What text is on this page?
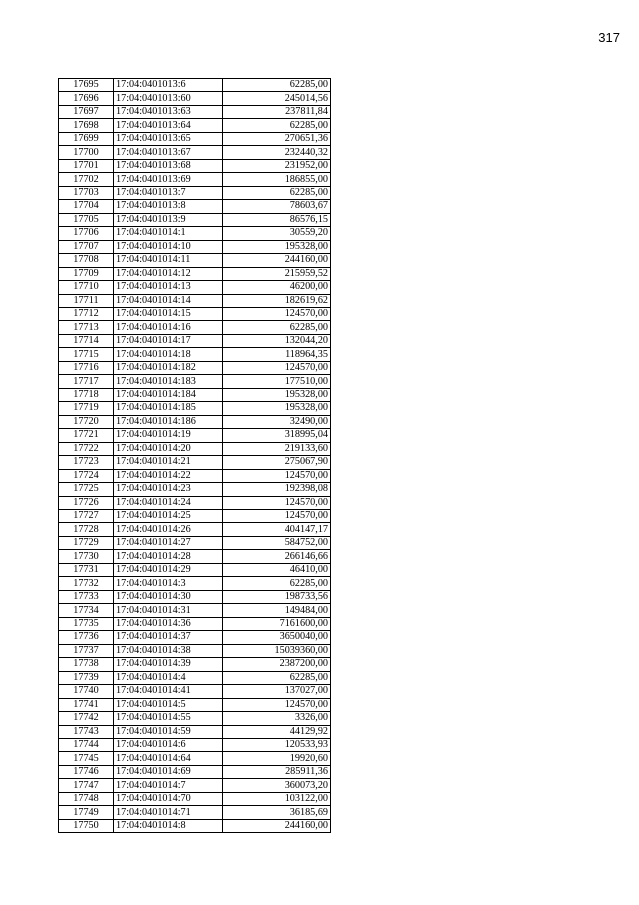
317
17695	17:04:0401013:6	62285,00
17696	17:04:0401013:60	245014,56
17697	17:04:0401013:63	237811,84
17698	17:04:0401013:64	62285,00
17699	17:04:0401013:65	270651,36
17700	17:04:0401013:67	232440,32
17701	17:04:0401013:68	231952,00
17702	17:04:0401013:69	186855,00
17703	17:04:0401013:7	62285,00
17704	17:04:0401013:8	78603,67
17705	17:04:0401013:9	86576,15
17706	17:04:0401014:1	30559,20
17707	17:04:0401014:10	195328,00
17708	17:04:0401014:11	244160,00
17709	17:04:0401014:12	215959,52
17710	17:04:0401014:13	46200,00
17711	17:04:0401014:14	182619,62
17712	17:04:0401014:15	124570,00
17713	17:04:0401014:16	62285,00
17714	17:04:0401014:17	132044,20
17715	17:04:0401014:18	118964,35
17716	17:04:0401014:182	124570,00
17717	17:04:0401014:183	177510,00
17718	17:04:0401014:184	195328,00
17719	17:04:0401014:185	195328,00
17720	17:04:0401014:186	32490,00
17721	17:04:0401014:19	318995,04
17722	17:04:0401014:20	219133,60
17723	17:04:0401014:21	275067,90
17724	17:04:0401014:22	124570,00
17725	17:04:0401014:23	192398,08
17726	17:04:0401014:24	124570,00
17727	17:04:0401014:25	124570,00
17728	17:04:0401014:26	404147,17
17729	17:04:0401014:27	584752,00
17730	17:04:0401014:28	266146,66
17731	17:04:0401014:29	46410,00
17732	17:04:0401014:3	62285,00
17733	17:04:0401014:30	198733,56
17734	17:04:0401014:31	149484,00
17735	17:04:0401014:36	7161600,00
17736	17:04:0401014:37	3650040,00
17737	17:04:0401014:38	15039360,00
17738	17:04:0401014:39	2387200,00
17739	17:04:0401014:4	62285,00
17740	17:04:0401014:41	137027,00
17741	17:04:0401014:5	124570,00
17742	17:04:0401014:55	3326,00
17743	17:04:0401014:59	44129,92
17744	17:04:0401014:6	120533,93
17745	17:04:0401014:64	19920,60
17746	17:04:0401014:69	285911,36
17747	17:04:0401014:7	360073,20
17748	17:04:0401014:70	103122,00
17749	17:04:0401014:71	36185,69
17750	17:04:0401014:8	244160,00
